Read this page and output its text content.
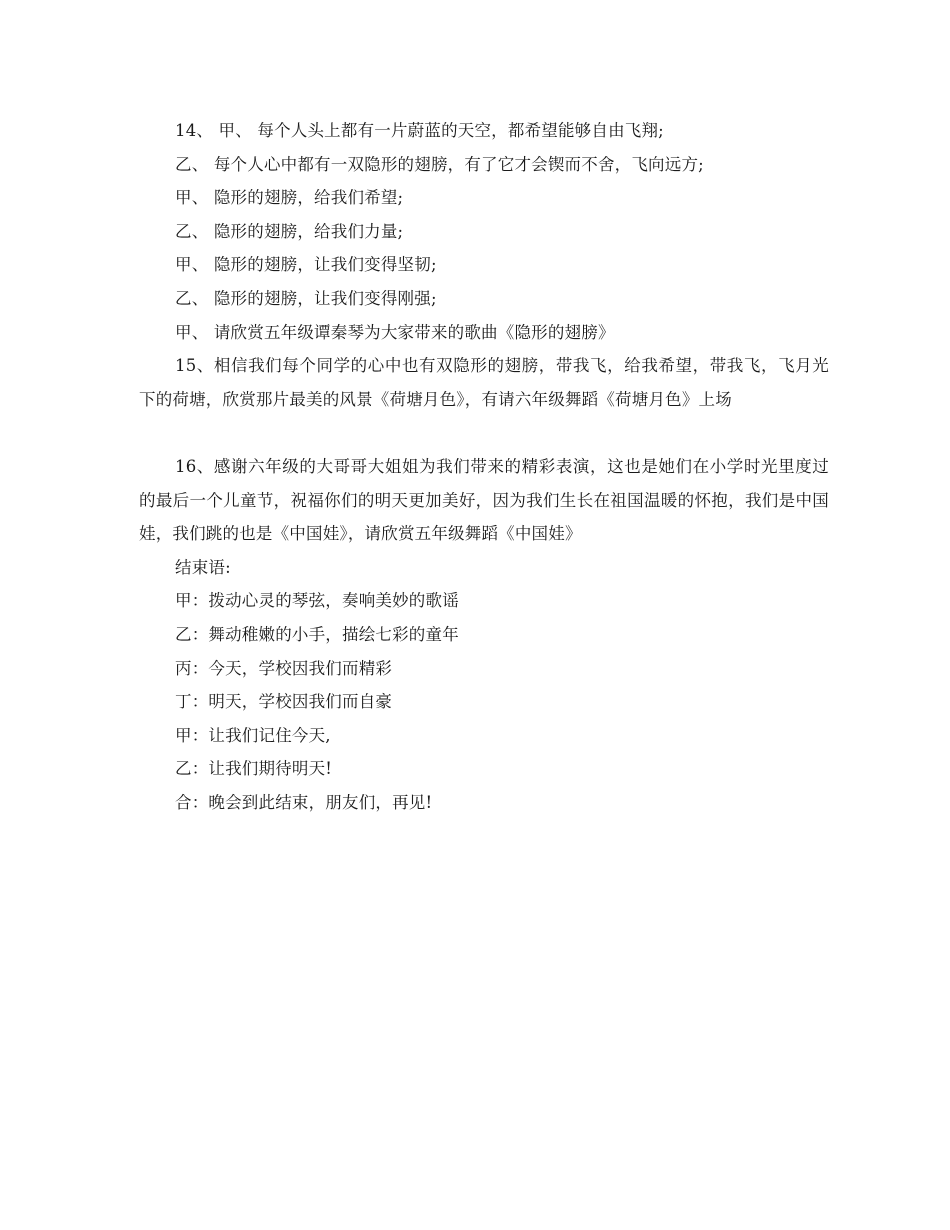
14、 甲、 每个人头上都有一片蔚蓝的天空，都希望能够自由飞翔;
乙、 每个人心中都有一双隐形的翅膀，有了它才会锲而不舍，飞向远方;
甲、 隐形的翅膀，给我们希望;
乙、 隐形的翅膀，给我们力量;
甲、 隐形的翅膀，让我们变得坚韧;
乙、 隐形的翅膀，让我们变得刚强;
甲、 请欣赏五年级谭秦琴为大家带来的歌曲《隐形的翅膀》
15、相信我们每个同学的心中也有双隐形的翅膀，带我飞，给我希望，带我飞，飞月光下的荷塘，欣赏那片最美的风景《荷塘月色》，有请六年级舞蹈《荷塘月色》上场
16、感谢六年级的大哥哥大姐姐为我们带来的精彩表演，这也是她们在小学时光里度过的最后一个儿童节，祝福你们的明天更加美好，因为我们生长在祖国温暖的怀抱，我们是中国娃，我们跳的也是《中国娃》，请欣赏五年级舞蹈《中国娃》
结束语:
甲：拨动心灵的琴弦，奏响美妙的歌谣
乙：舞动稚嫩的小手，描绘七彩的童年
丙：今天，学校因我们而精彩
丁：明天，学校因我们而自豪
甲：让我们记住今天,
乙：让我们期待明天!
合：晚会到此结束，朋友们，再见!
